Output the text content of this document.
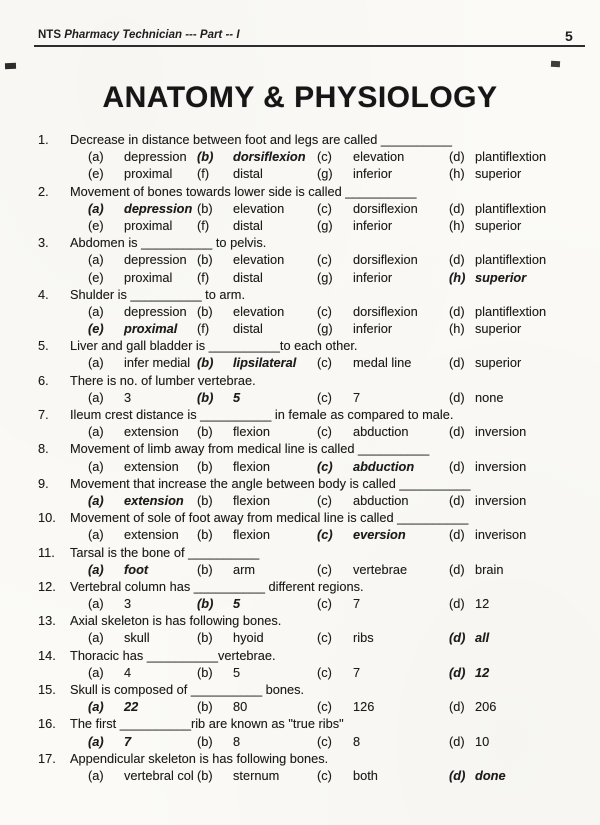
NTS Pharmacy Technician --- Part -- I	5
ANATOMY & PHYSIOLOGY
1.	Decrease in distance between foot and legs are called __________
(a)	depression (b)	dorsiflexion (c)	elevation	(d) plantiflextion
(e)	proximal	(f)	distal	(g)	inferior	(h) superior
2.	Movement of bones towards lower side is called __________
(a)	depression (b)	elevation	(c)	dorsiflexion	(d) plantiflextion
(e)	proximal	(f)	distal	(g)	inferior	(h) superior
3.	Abdomen is __________ to pelvis.
(a)	depression (b)	elevation	(c)	dorsiflexion	(d) plantiflextion
(e)	proximal	(f)	distal	(g)	inferior	(h) superior
4.	Shulder is __________ to arm.
(a)	depression (b)	elevation	(c)	dorsiflexion	(d) plantiflextion
(e)	proximal	(f)	distal	(g)	inferior	(h) superior
5.	Liver and gall bladder is __________to each other.
(a)	infer medial (b)	lipsilateral	(c)	medal line	(d) superior
6.	There is no. of lumber vertebrae.
(a)	3	(b)	5	(c)	7	(d) none
7.	Ileum crest distance is __________ in female as compared to male.
(a)	extension	(b)	flexion	(c)	abduction	(d) inversion
8.	Movement of limb away from medical line is called __________
(a)	extension	(b)	flexion	(c)	abduction	(d) inversion
9.	Movement that increase the angle between body is called __________
(a)	extension	(b)	flexion	(c)	abduction	(d) inversion
10.	Movement of sole of foot away from medical line is called __________
(a)	extension	(b)	flexion	(c)	eversion	(d) inverison
11.	Tarsal is the bone of __________
(a)	foot	(b)	arm	(c)	vertebrae	(d) brain
12.	Vertebral column has __________ different regions.
(a)	3	(b)	5	(c)	7	(d) 12
13.	Axial skeleton is has following bones.
(a)	skull	(b)	hyoid	(c)	ribs	(d) all
14.	Thoracic has __________vertebrae.
(a)	4	(b)	5	(c)	7	(d) 12
15.	Skull is composed of __________ bones.
(a)	22	(b)	80	(c)	126	(d) 206
16.	The first __________rib are known as "true ribs"
(a)	7	(b)	8	(c)	8	(d) 10
17.	Appendicular skeleton is has following bones.
(a)	vertebral col (b)	sternum	(c)	both	(d) done
